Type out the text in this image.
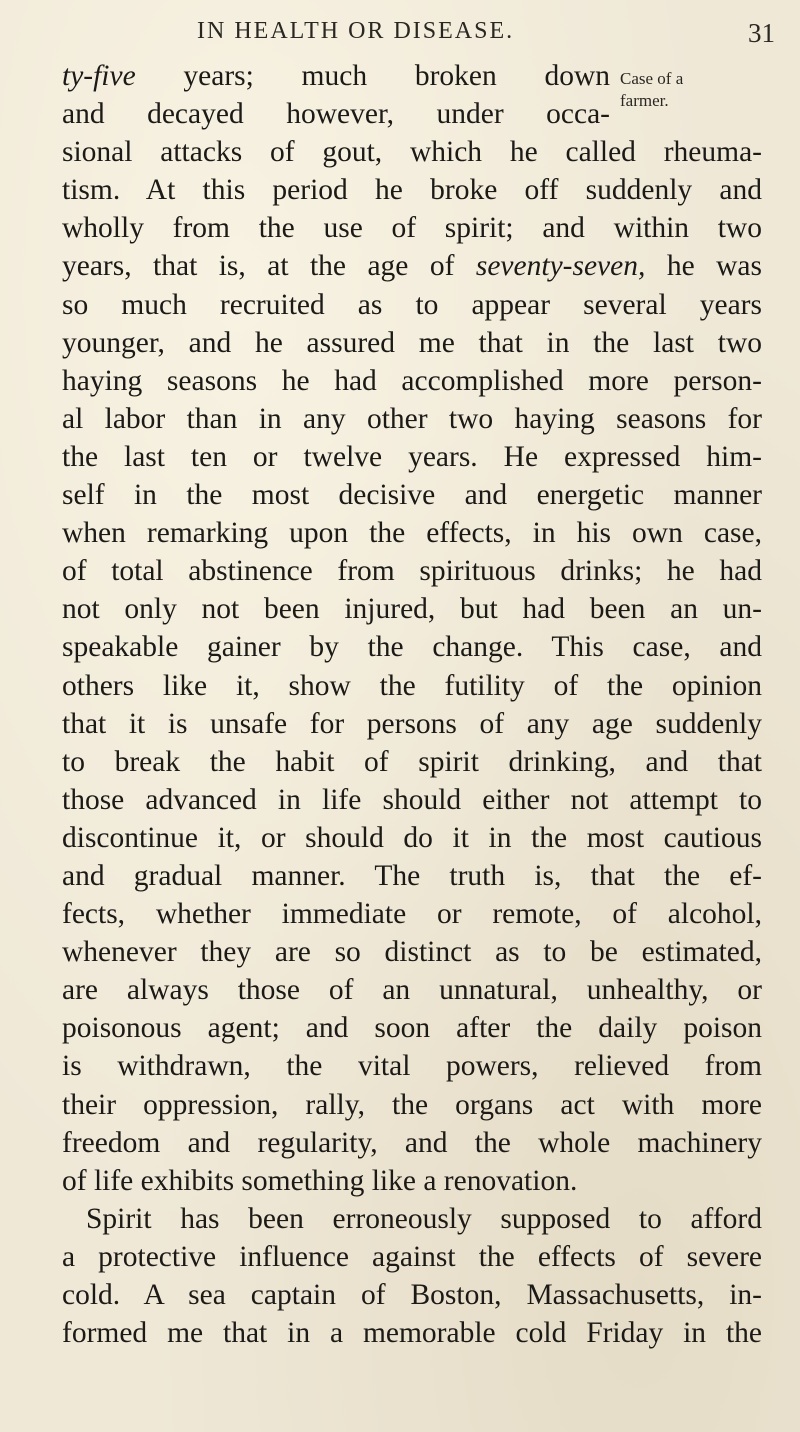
IN HEALTH OR DISEASE.	31
Case of a
farmer.
ty-five years; much broken down
and decayed however, under occa-
sional attacks of gout, which he called rheuma-
tism. At this period he broke off suddenly and
wholly from the use of spirit; and within two
years, that is, at the age of seventy-seven, he was
so much recruited as to appear several years
younger, and he assured me that in the last two
haying seasons he had accomplished more person-
al labor than in any other two haying seasons for
the last ten or twelve years. He expressed him-
self in the most decisive and energetic manner
when remarking upon the effects, in his own case,
of total abstinence from spirituous drinks; he had
not only not been injured, but had been an un-
speakable gainer by the change. This case, and
others like it, show the futility of the opinion
that it is unsafe for persons of any age suddenly
to break the habit of spirit drinking, and that
those advanced in life should either not attempt to
discontinue it, or should do it in the most cautious
and gradual manner. The truth is, that the ef-
fects, whether immediate or remote, of alcohol,
whenever they are so distinct as to be estimated,
are always those of an unnatural, unhealthy, or
poisonous agent; and soon after the daily poison
is withdrawn, the vital powers, relieved from
their oppression, rally, the organs act with more
freedom and regularity, and the whole machinery
of life exhibits something like a renovation.
Spirit has been erroneously supposed to afford
a protective influence against the effects of severe
cold. A sea captain of Boston, Massachusetts, in-
formed me that in a memorable cold Friday in the
